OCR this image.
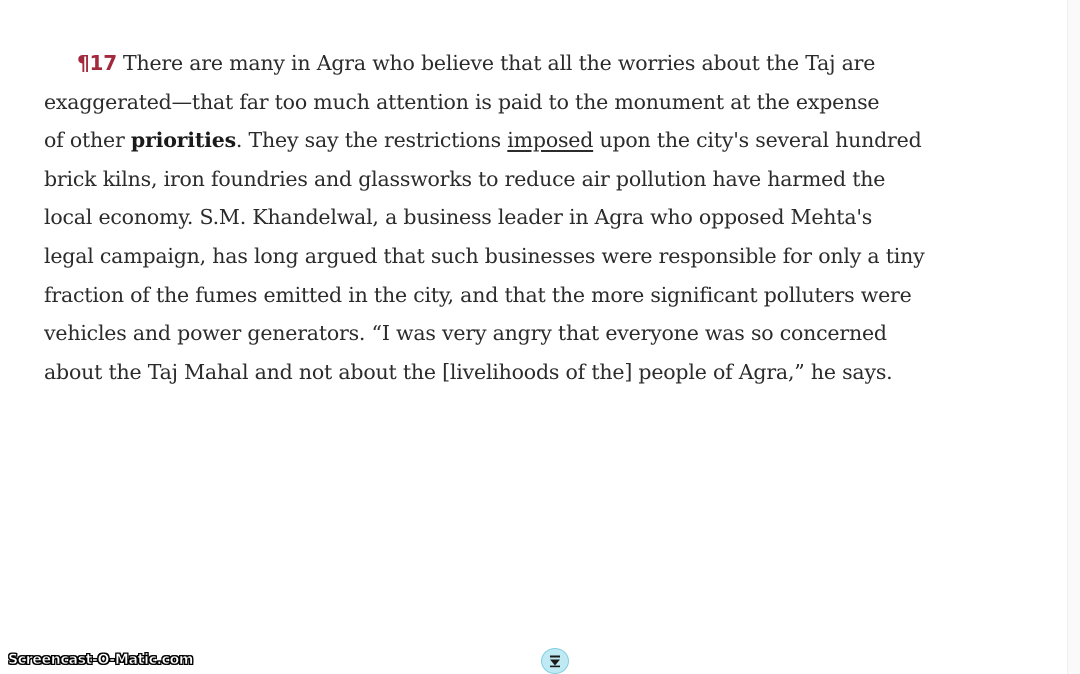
¶17 There are many in Agra who believe that all the worries about the Taj are
exaggerated—that far too much attention is paid to the monument at the expense
of other priorities. They say the restrictions imposed upon the city's several hundred
brick kilns, iron foundries and glassworks to reduce air pollution have harmed the
local economy. S.M. Khandelwal, a business leader in Agra who opposed Mehta's
legal campaign, has long argued that such businesses were responsible for only a tiny
fraction of the fumes emitted in the city, and that the more significant polluters were
vehicles and power generators. “I was very angry that everyone was so concerned
about the Taj Mahal and not about the [livelihoods of the] people of Agra,” he says.
Screencast-O-Matic.com
